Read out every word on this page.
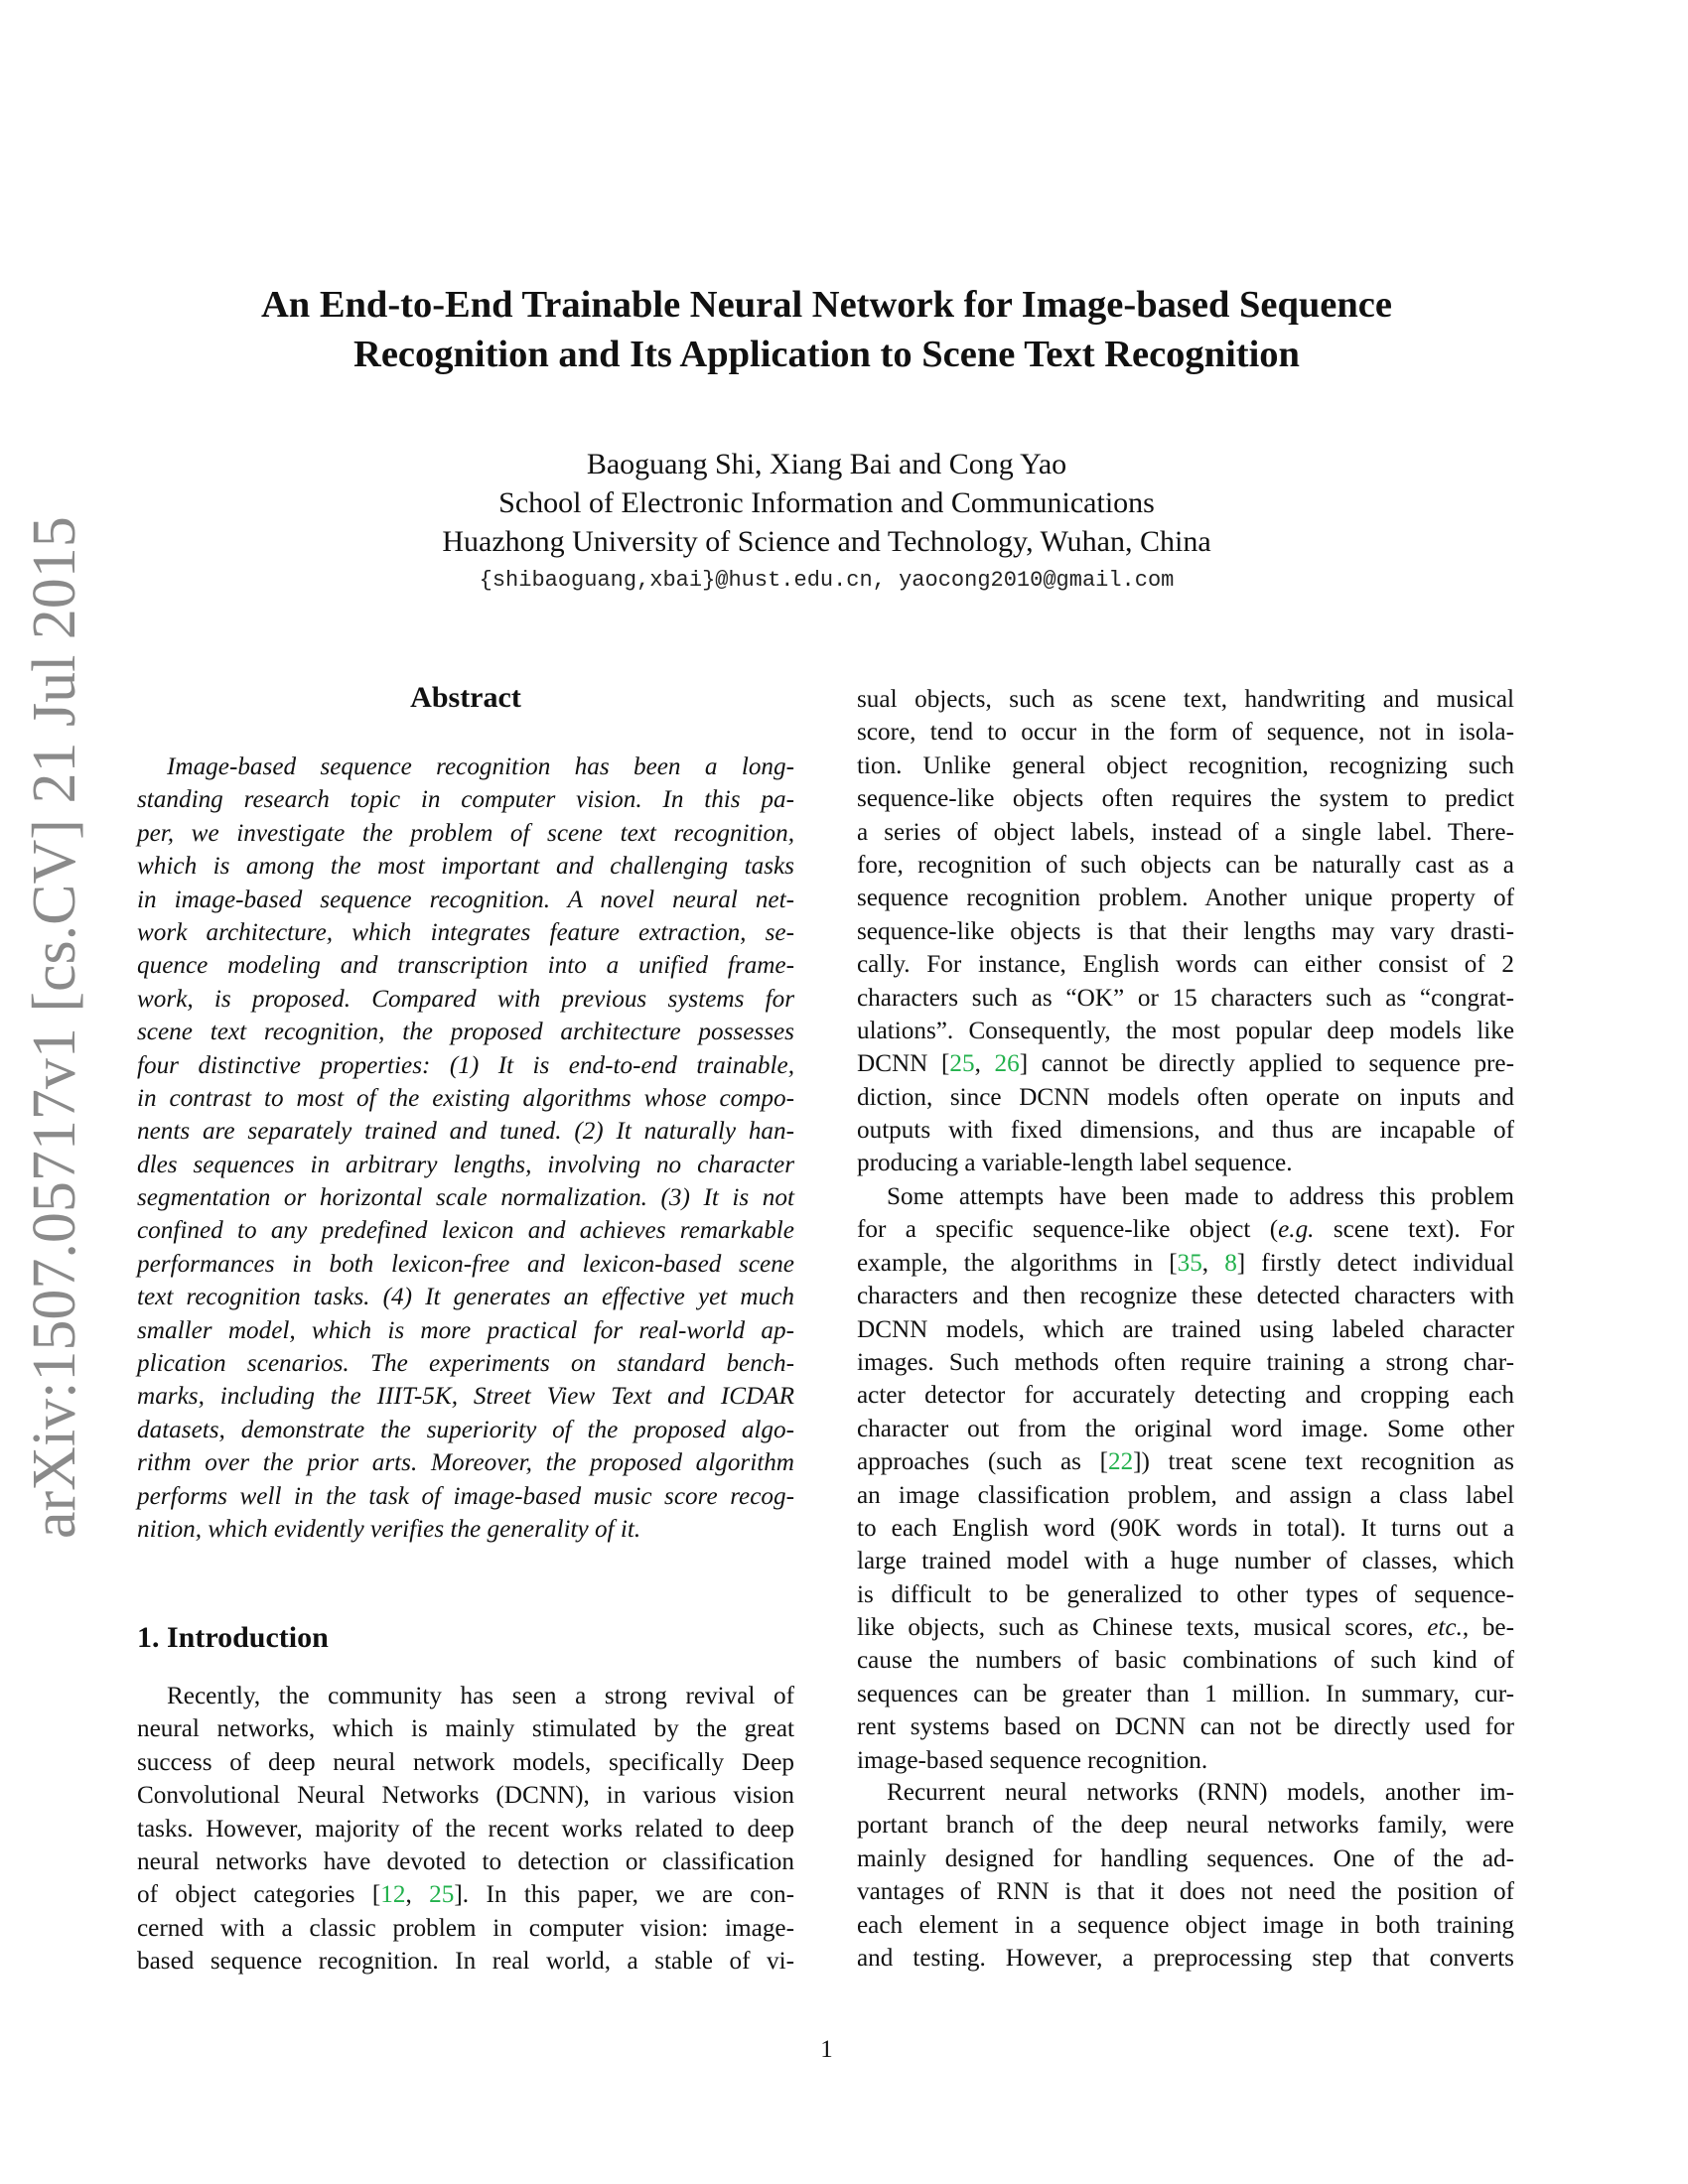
arXiv:1507.05717v1 [cs.CV] 21 Jul 2015
An End-to-End Trainable Neural Network for Image-based Sequence
Recognition and Its Application to Scene Text Recognition
Baoguang Shi, Xiang Bai and Cong Yao
School of Electronic Information and Communications
Huazhong University of Science and Technology, Wuhan, China
{shibaoguang,xbai}@hust.edu.cn, yaocong2010@gmail.com
Abstract
Image-based sequence recognition has been a long-
standing research topic in computer vision. In this pa-
per, we investigate the problem of scene text recognition,
which is among the most important and challenging tasks
in image-based sequence recognition. A novel neural net-
work architecture, which integrates feature extraction, se-
quence modeling and transcription into a unified frame-
work, is proposed. Compared with previous systems for
scene text recognition, the proposed architecture possesses
four distinctive properties: (1) It is end-to-end trainable,
in contrast to most of the existing algorithms whose compo-
nents are separately trained and tuned. (2) It naturally han-
dles sequences in arbitrary lengths, involving no character
segmentation or horizontal scale normalization. (3) It is not
confined to any predefined lexicon and achieves remarkable
performances in both lexicon-free and lexicon-based scene
text recognition tasks. (4) It generates an effective yet much
smaller model, which is more practical for real-world ap-
plication scenarios. The experiments on standard bench-
marks, including the IIIT-5K, Street View Text and ICDAR
datasets, demonstrate the superiority of the proposed algo-
rithm over the prior arts. Moreover, the proposed algorithm
performs well in the task of image-based music score recog-
nition, which evidently verifies the generality of it.
1. Introduction
Recently, the community has seen a strong revival of
neural networks, which is mainly stimulated by the great
success of deep neural network models, specifically Deep
Convolutional Neural Networks (DCNN), in various vision
tasks. However, majority of the recent works related to deep
neural networks have devoted to detection or classification
of object categories [12, 25]. In this paper, we are con-
cerned with a classic problem in computer vision: image-
based sequence recognition. In real world, a stable of vi-
sual objects, such as scene text, handwriting and musical
score, tend to occur in the form of sequence, not in isola-
tion. Unlike general object recognition, recognizing such
sequence-like objects often requires the system to predict
a series of object labels, instead of a single label. There-
fore, recognition of such objects can be naturally cast as a
sequence recognition problem. Another unique property of
sequence-like objects is that their lengths may vary drasti-
cally. For instance, English words can either consist of 2
characters such as “OK” or 15 characters such as “congrat-
ulations”. Consequently, the most popular deep models like
DCNN [25, 26] cannot be directly applied to sequence pre-
diction, since DCNN models often operate on inputs and
outputs with fixed dimensions, and thus are incapable of
producing a variable-length label sequence.
Some attempts have been made to address this problem
for a specific sequence-like object (e.g. scene text). For
example, the algorithms in [35, 8] firstly detect individual
characters and then recognize these detected characters with
DCNN models, which are trained using labeled character
images. Such methods often require training a strong char-
acter detector for accurately detecting and cropping each
character out from the original word image. Some other
approaches (such as [22]) treat scene text recognition as
an image classification problem, and assign a class label
to each English word (90K words in total). It turns out a
large trained model with a huge number of classes, which
is difficult to be generalized to other types of sequence-
like objects, such as Chinese texts, musical scores, etc., be-
cause the numbers of basic combinations of such kind of
sequences can be greater than 1 million. In summary, cur-
rent systems based on DCNN can not be directly used for
image-based sequence recognition.
Recurrent neural networks (RNN) models, another im-
portant branch of the deep neural networks family, were
mainly designed for handling sequences. One of the ad-
vantages of RNN is that it does not need the position of
each element in a sequence object image in both training
and testing. However, a preprocessing step that converts
1
